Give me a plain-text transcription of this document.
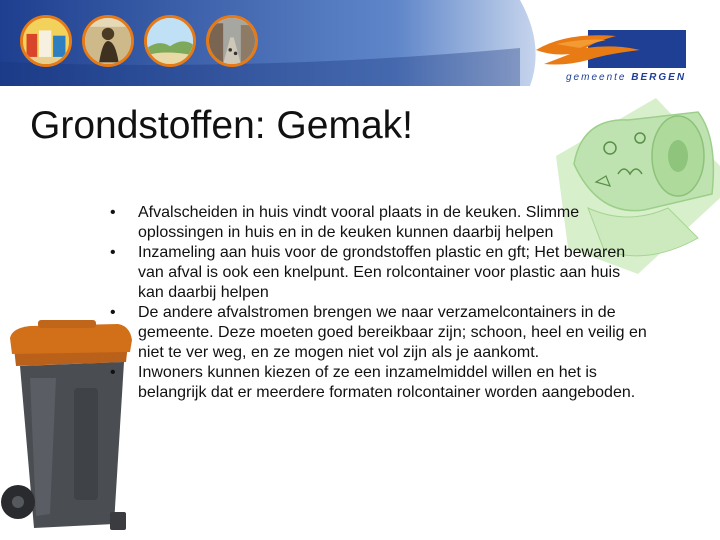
gemeente BERGEN
Grondstoffen: Gemak!
• Afvalscheiden in huis vindt vooral plaats in de keuken. Slimme oplossingen in huis en in de keuken kunnen daarbij helpen
• Inzameling aan huis voor de grondstoffen plastic en gft; Het bewaren van afval is ook een knelpunt. Een rolcontainer voor plastic aan huis kan daarbij helpen
• De andere afvalstromen brengen we naar verzamelcontainers in de gemeente. Deze moeten goed bereikbaar zijn; schoon, heel en veilig en niet te ver weg, en ze mogen niet vol zijn als je aankomt.
• Inwoners kunnen kiezen of ze een inzamelmiddel willen en het is belangrijk dat er meerdere formaten rolcontainer worden aangeboden.
